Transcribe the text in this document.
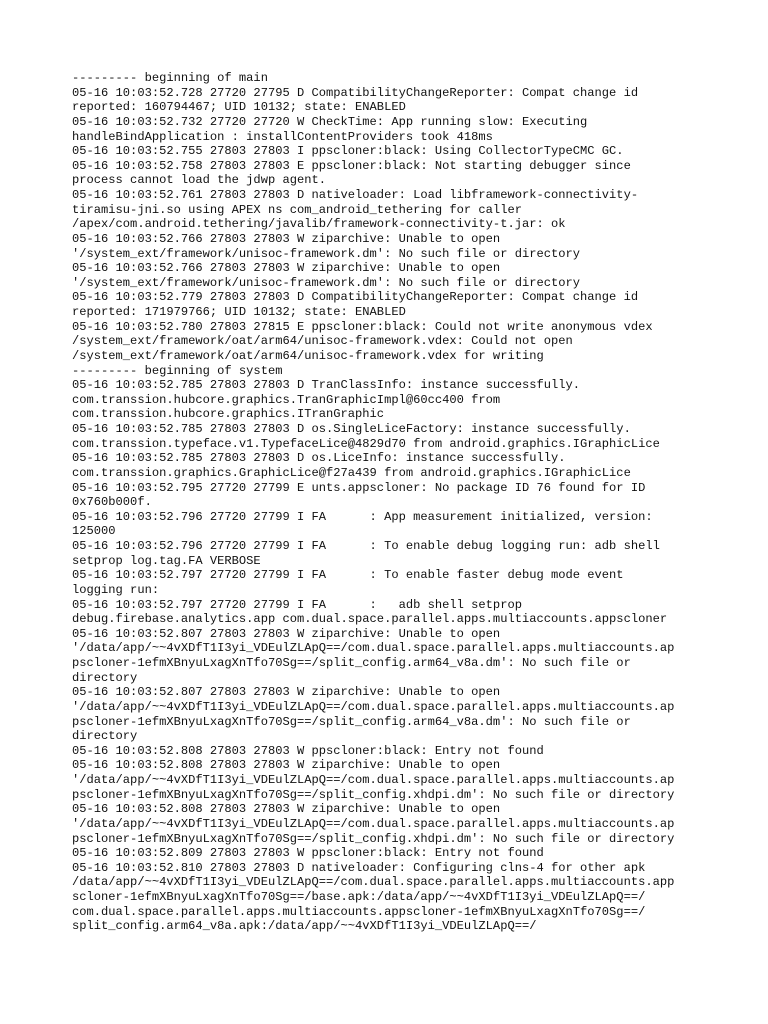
--------- beginning of main
05-16 10:03:52.728 27720 27795 D CompatibilityChangeReporter: Compat change id
reported: 160794467; UID 10132; state: ENABLED
05-16 10:03:52.732 27720 27720 W CheckTime: App running slow: Executing
handleBindApplication : installContentProviders took 418ms
05-16 10:03:52.755 27803 27803 I ppscloner:black: Using CollectorTypeCMC GC.
05-16 10:03:52.758 27803 27803 E ppscloner:black: Not starting debugger since
process cannot load the jdwp agent.
05-16 10:03:52.761 27803 27803 D nativeloader: Load libframework-connectivity-
tiramisu-jni.so using APEX ns com_android_tethering for caller
/apex/com.android.tethering/javalib/framework-connectivity-t.jar: ok
05-16 10:03:52.766 27803 27803 W ziparchive: Unable to open
'/system_ext/framework/unisoc-framework.dm': No such file or directory
05-16 10:03:52.766 27803 27803 W ziparchive: Unable to open
'/system_ext/framework/unisoc-framework.dm': No such file or directory
05-16 10:03:52.779 27803 27803 D CompatibilityChangeReporter: Compat change id
reported: 171979766; UID 10132; state: ENABLED
05-16 10:03:52.780 27803 27815 E ppscloner:black: Could not write anonymous vdex
/system_ext/framework/oat/arm64/unisoc-framework.vdex: Could not open
/system_ext/framework/oat/arm64/unisoc-framework.vdex for writing
--------- beginning of system
05-16 10:03:52.785 27803 27803 D TranClassInfo: instance successfully.
com.transsion.hubcore.graphics.TranGraphicImpl@60cc400 from
com.transsion.hubcore.graphics.ITranGraphic
05-16 10:03:52.785 27803 27803 D os.SingleLiceFactory: instance successfully.
com.transsion.typeface.v1.TypefaceLice@4829d70 from android.graphics.IGraphicLice
05-16 10:03:52.785 27803 27803 D os.LiceInfo: instance successfully.
com.transsion.graphics.GraphicLice@f27a439 from android.graphics.IGraphicLice
05-16 10:03:52.795 27720 27799 E unts.appscloner: No package ID 76 found for ID
0x760b000f.
05-16 10:03:52.796 27720 27799 I FA      : App measurement initialized, version:
125000
05-16 10:03:52.796 27720 27799 I FA      : To enable debug logging run: adb shell
setprop log.tag.FA VERBOSE
05-16 10:03:52.797 27720 27799 I FA      : To enable faster debug mode event
logging run:
05-16 10:03:52.797 27720 27799 I FA      :   adb shell setprop
debug.firebase.analytics.app com.dual.space.parallel.apps.multiaccounts.appscloner
05-16 10:03:52.807 27803 27803 W ziparchive: Unable to open
'/data/app/~~4vXDfT1I3yi_VDEulZLApQ==/com.dual.space.parallel.apps.multiaccounts.ap
pscloner-1efmXBnyuLxagXnTfo70Sg==/split_config.arm64_v8a.dm': No such file or
directory
05-16 10:03:52.807 27803 27803 W ziparchive: Unable to open
'/data/app/~~4vXDfT1I3yi_VDEulZLApQ==/com.dual.space.parallel.apps.multiaccounts.ap
pscloner-1efmXBnyuLxagXnTfo70Sg==/split_config.arm64_v8a.dm': No such file or
directory
05-16 10:03:52.808 27803 27803 W ppscloner:black: Entry not found
05-16 10:03:52.808 27803 27803 W ziparchive: Unable to open
'/data/app/~~4vXDfT1I3yi_VDEulZLApQ==/com.dual.space.parallel.apps.multiaccounts.ap
pscloner-1efmXBnyuLxagXnTfo70Sg==/split_config.xhdpi.dm': No such file or directory
05-16 10:03:52.808 27803 27803 W ziparchive: Unable to open
'/data/app/~~4vXDfT1I3yi_VDEulZLApQ==/com.dual.space.parallel.apps.multiaccounts.ap
pscloner-1efmXBnyuLxagXnTfo70Sg==/split_config.xhdpi.dm': No such file or directory
05-16 10:03:52.809 27803 27803 W ppscloner:black: Entry not found
05-16 10:03:52.810 27803 27803 D nativeloader: Configuring clns-4 for other apk
/data/app/~~4vXDfT1I3yi_VDEulZLApQ==/com.dual.space.parallel.apps.multiaccounts.app
scloner-1efmXBnyuLxagXnTfo70Sg==/base.apk:/data/app/~~4vXDfT1I3yi_VDEulZLApQ==/
com.dual.space.parallel.apps.multiaccounts.appscloner-1efmXBnyuLxagXnTfo70Sg==/
split_config.arm64_v8a.apk:/data/app/~~4vXDfT1I3yi_VDEulZLApQ==/
